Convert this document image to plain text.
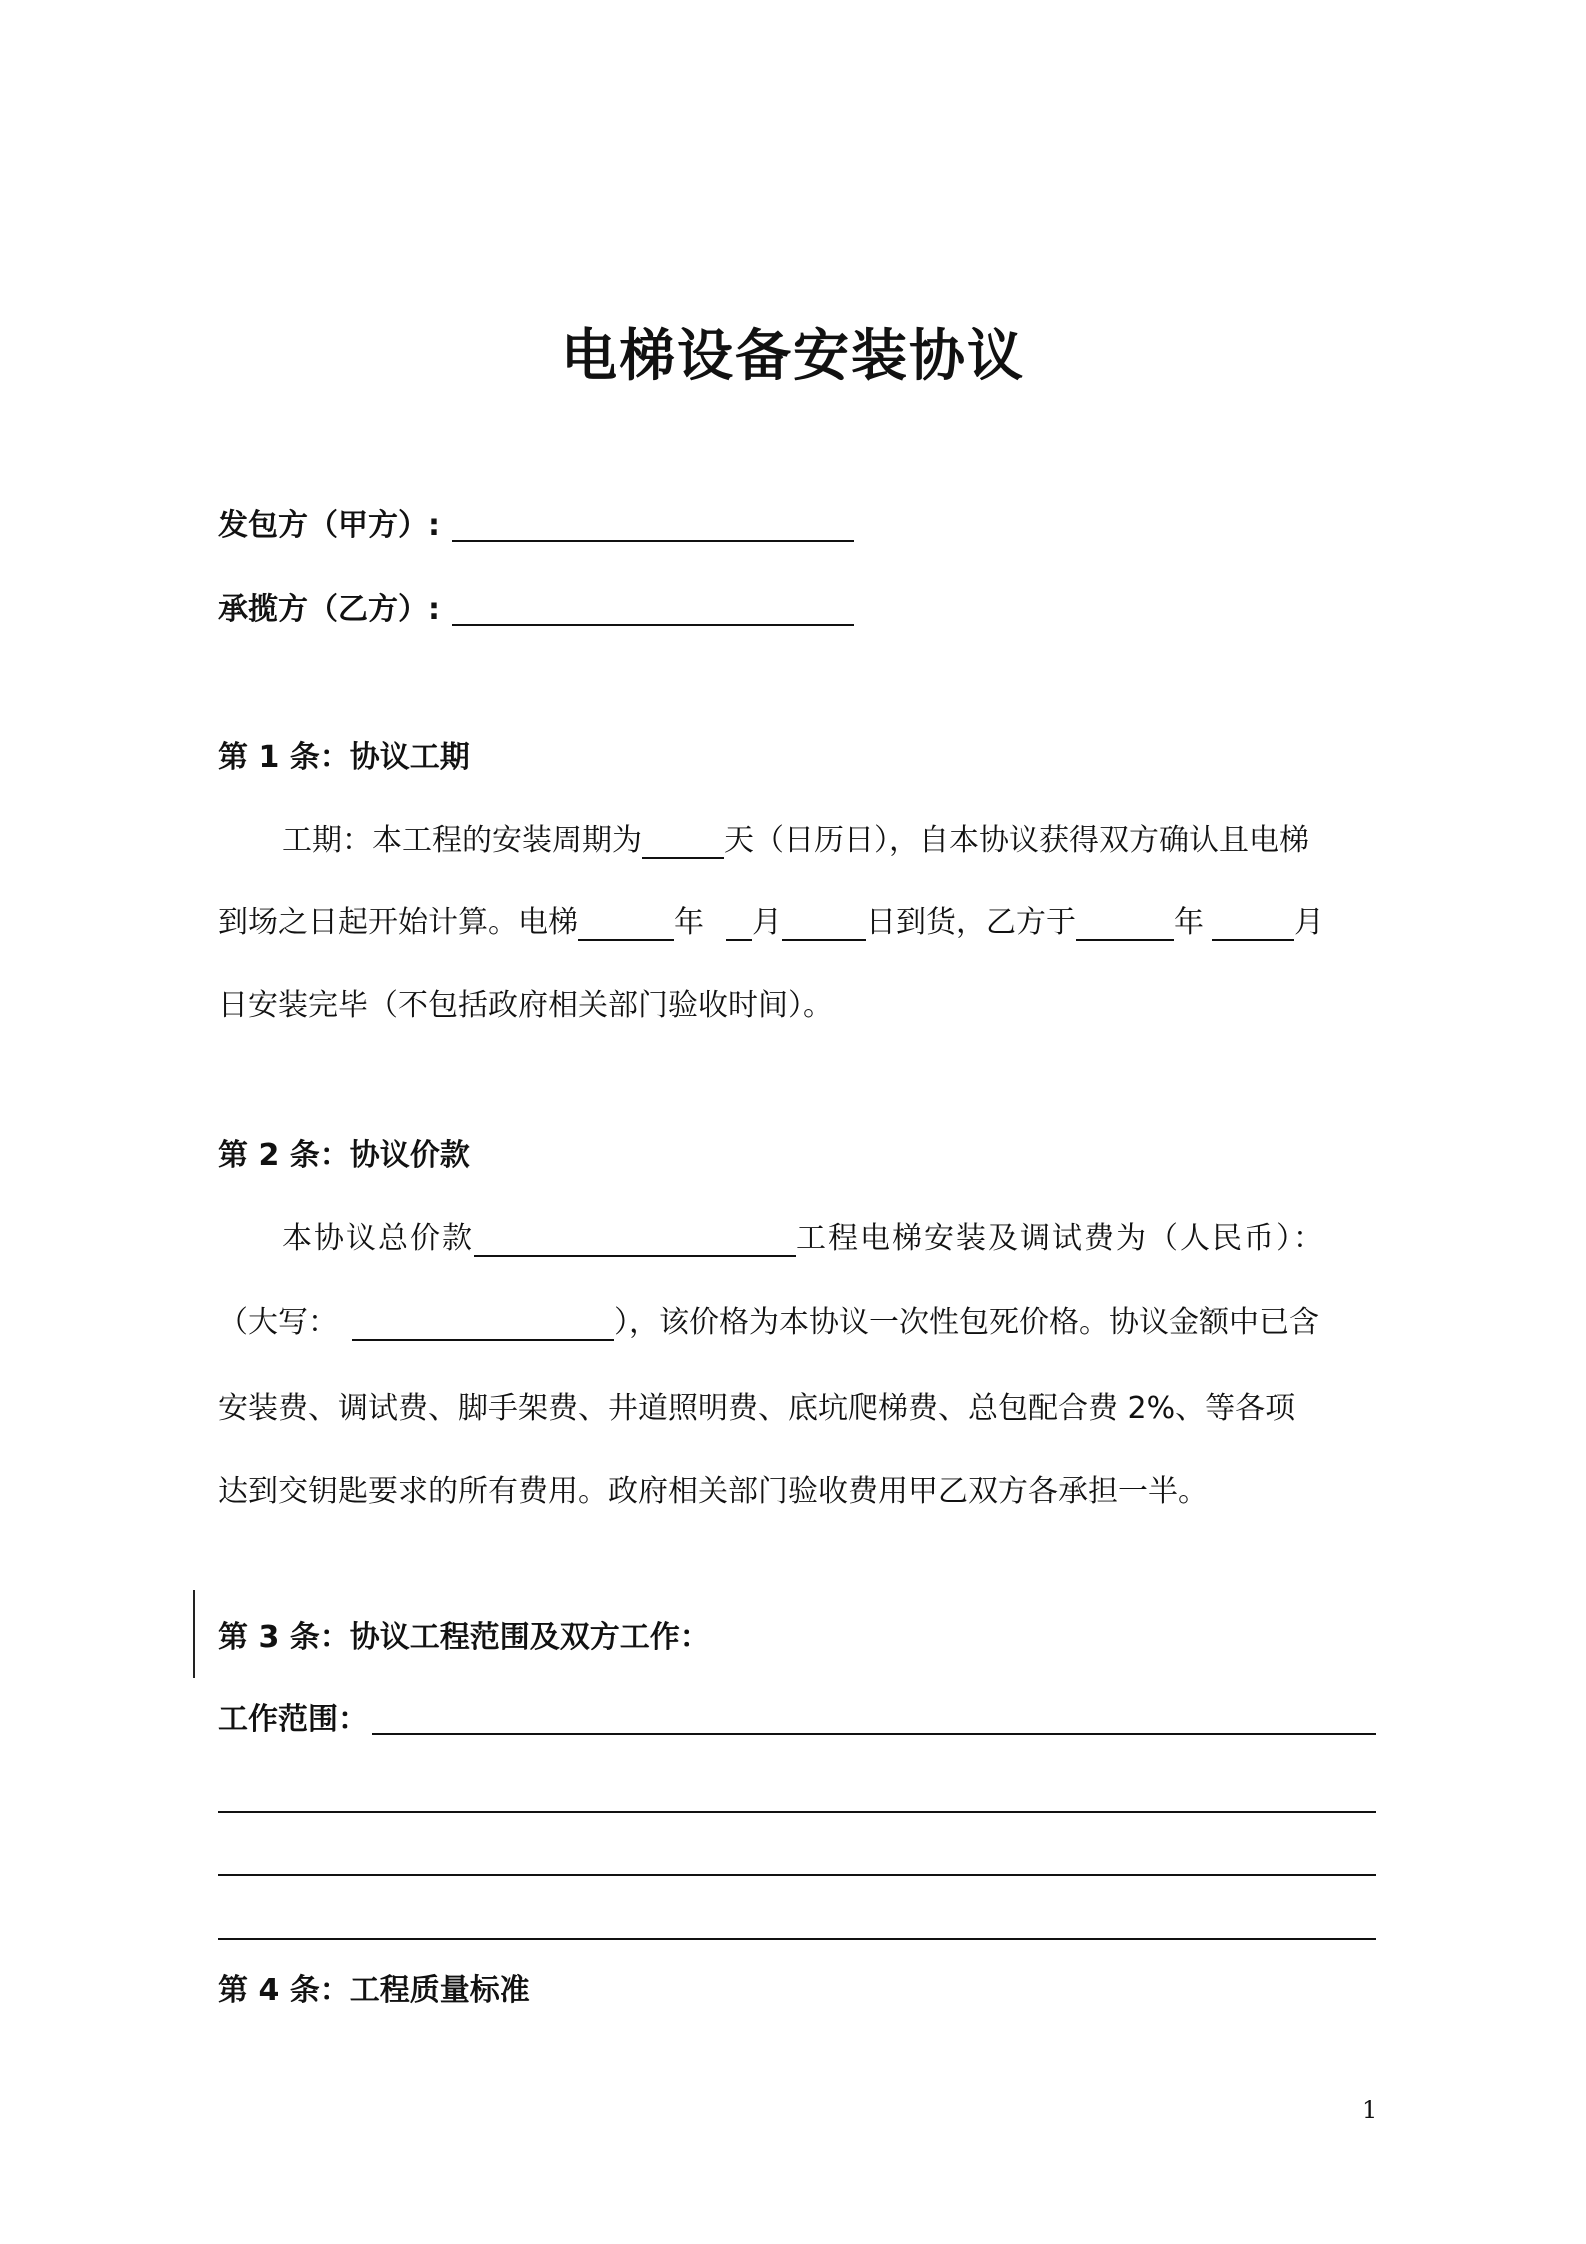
电梯设备安装协议
发包方（甲方）:
承揽方（乙方）:
第 1 条：协议工期
工期：本工程的安装周期为	天（日历日），自本协议获得双方确认且电梯
到场之日起开始计算。电梯	年 月	日到货，乙方于	年	月
日安装完毕（不包括政府相关部门验收时间）。
第 2 条：协议价款
本协议总价款	工程电梯安装及调试费为（人民币）：
（大写：	），该价格为本协议一次性包死价格。协议金额中已含
安装费、调试费、脚手架费、井道照明费、底坑爬梯费、总包配合费 2%、等各项
达到交钥匙要求的所有费用。政府相关部门验收费用甲乙双方各承担一半。
第 3 条：协议工程范围及双方工作：
工作范围：
第 4 条：工程质量标准
1
